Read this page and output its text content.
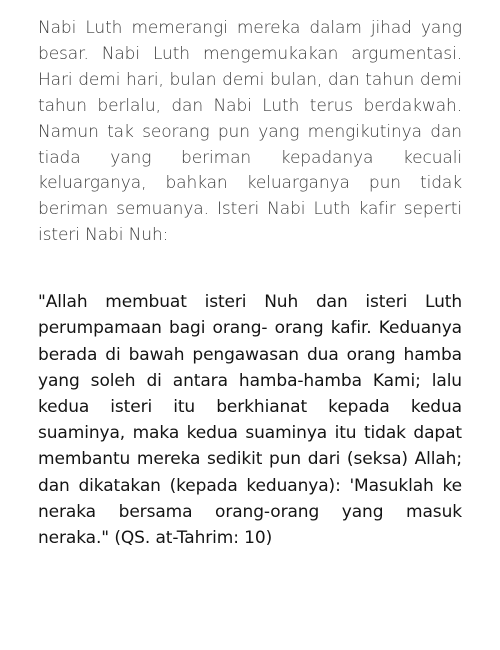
Nabi Luth memerangi mereka dalam jihad yang besar. Nabi Luth mengemukakan argumentasi. Hari demi hari, bulan demi bulan, dan tahun demi tahun berlalu, dan Nabi Luth terus berdakwah. Namun tak seorang pun yang mengikutinya dan tiada yang beriman kepadanya kecuali keluarganya, bahkan keluarganya pun tidak beriman semuanya. Isteri Nabi Luth kafir seperti isteri Nabi Nuh:

"Allah membuat isteri Nuh dan isteri Luth perumpamaan bagi orang- orang kafir. Keduanya berada di bawah pengawasan dua orang hamba yang soleh di antara hamba-hamba Kami; lalu kedua isteri itu berkhianat kepada kedua suaminya, maka kedua suaminya itu tidak dapat membantu mereka sedikit pun dari (seksa) Allah; dan dikatakan (kepada keduanya): 'Masuklah ke neraka bersama orang-orang yang masuk neraka." (QS. at-Tahrim: 10)
